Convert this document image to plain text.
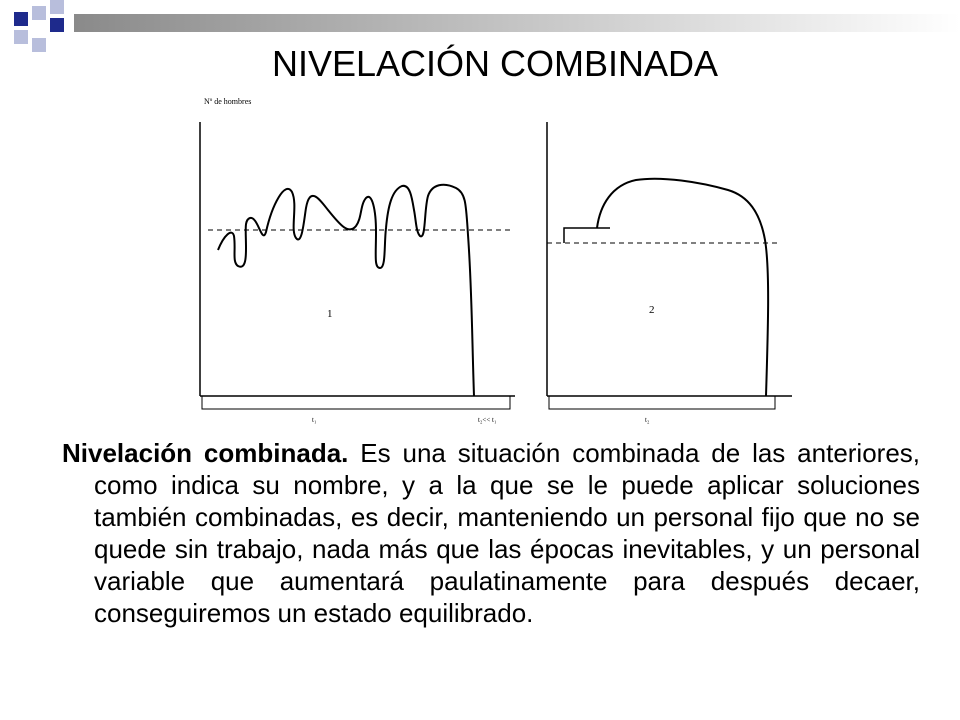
NIVELACIÓN COMBINADA
Nº de hombres
1	2
t₁	t₂<< t₁	t₂
Nivelación combinada. Es una situación combinada de las anteriores, como indica su nombre, y a la que se le puede aplicar soluciones también combinadas, es decir, manteniendo un personal fijo que no se quede sin trabajo, nada más que las épocas inevitables, y un personal variable que aumentará paulatinamente para después decaer, conseguiremos un estado equilibrado.
